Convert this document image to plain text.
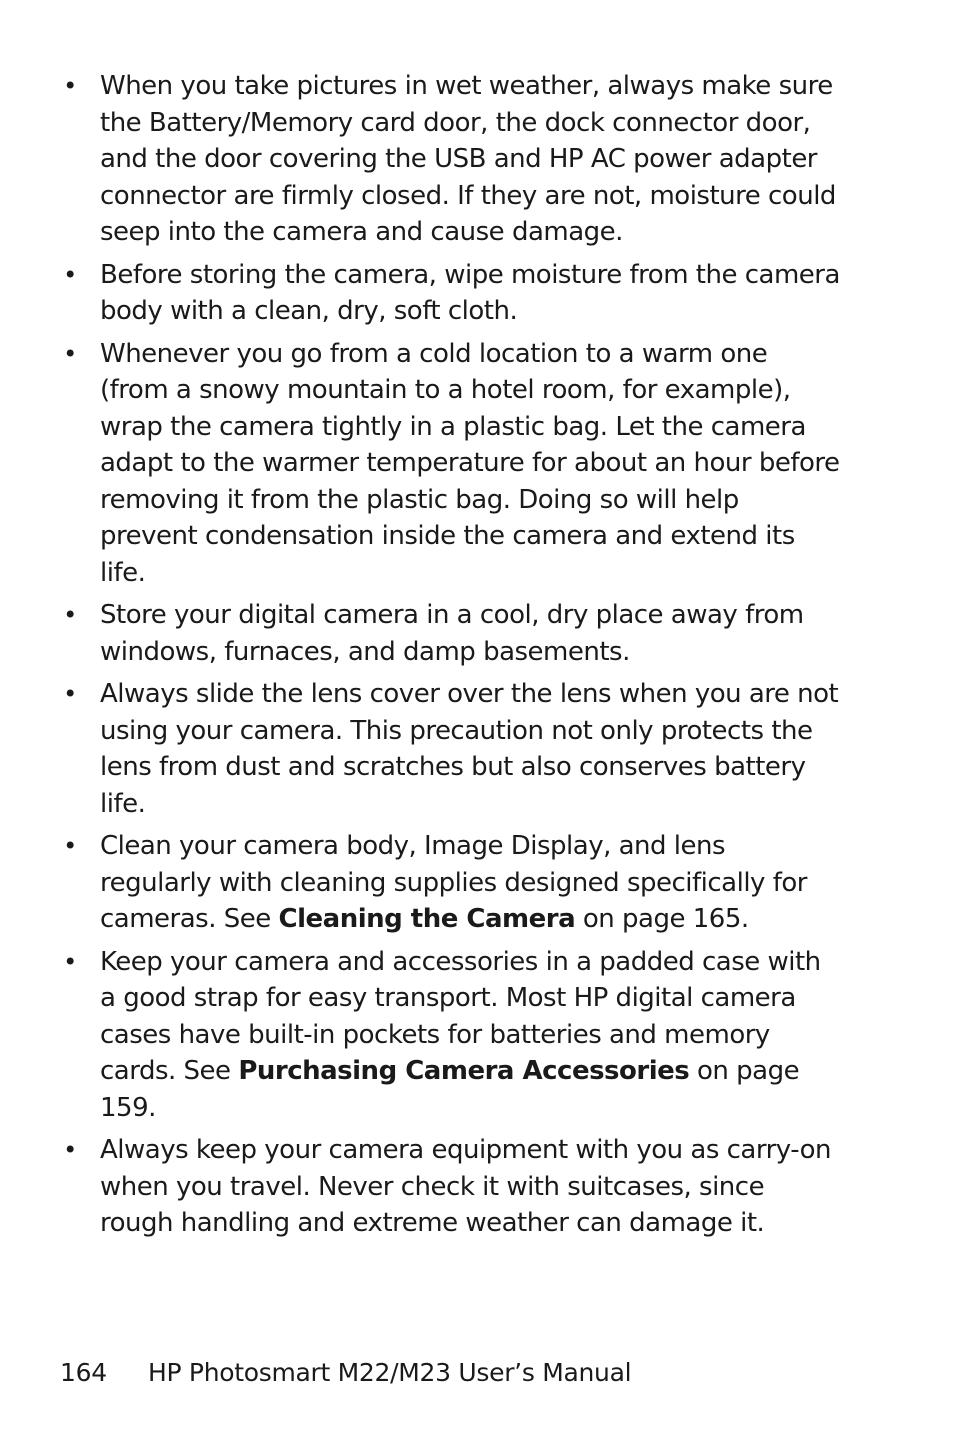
• When you take pictures in wet weather, always make sure the Battery/Memory card door, the dock connector door, and the door covering the USB and HP AC power adapter connector are firmly closed. If they are not, moisture could seep into the camera and cause damage.
• Before storing the camera, wipe moisture from the camera body with a clean, dry, soft cloth.
• Whenever you go from a cold location to a warm one (from a snowy mountain to a hotel room, for example), wrap the camera tightly in a plastic bag. Let the camera adapt to the warmer temperature for about an hour before removing it from the plastic bag. Doing so will help prevent condensation inside the camera and extend its life.
• Store your digital camera in a cool, dry place away from windows, furnaces, and damp basements.
• Always slide the lens cover over the lens when you are not using your camera. This precaution not only protects the lens from dust and scratches but also conserves battery life.
• Clean your camera body, Image Display, and lens regularly with cleaning supplies designed specifically for cameras. See Cleaning the Camera on page 165.
• Keep your camera and accessories in a padded case with a good strap for easy transport. Most HP digital camera cases have built-in pockets for batteries and memory cards. See Purchasing Camera Accessories on page 159.
• Always keep your camera equipment with you as carry-on when you travel. Never check it with suitcases, since rough handling and extreme weather can damage it.
164 HP Photosmart M22/M23 User’s Manual
